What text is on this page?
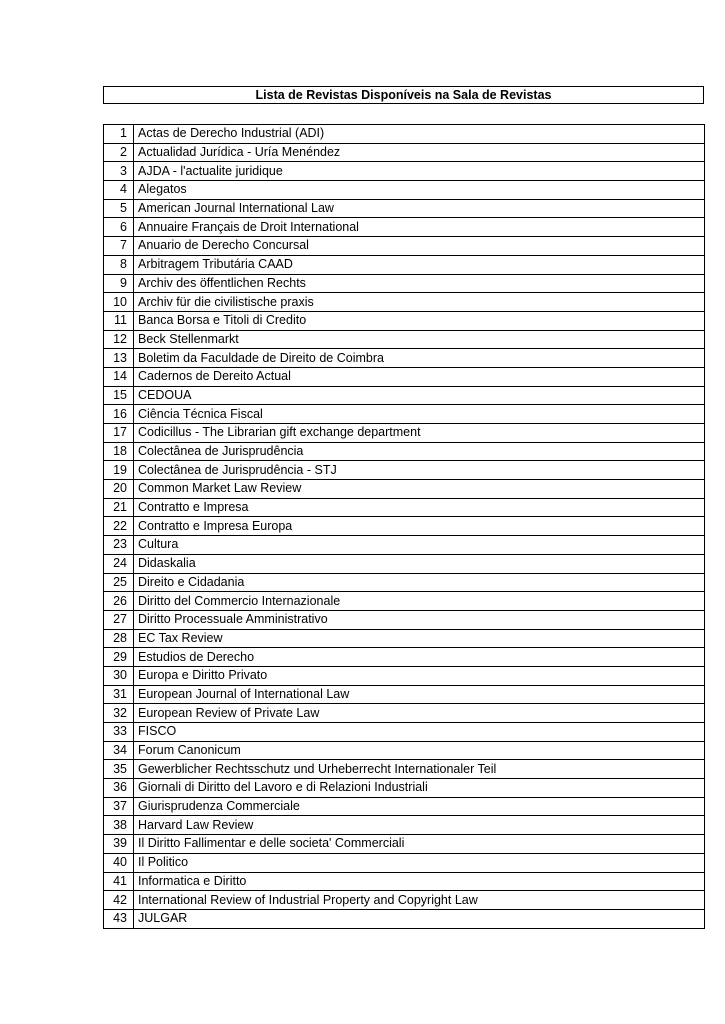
Lista de Revistas Disponíveis na Sala de Revistas
1	Actas de Derecho Industrial (ADI)
2	Actualidad Jurídica - Uría Menéndez
3	AJDA - l'actualite juridique
4	Alegatos
5	American Journal International Law
6	Annuaire Français de Droit International
7	Anuario de Derecho Concursal
8	Arbitragem Tributária CAAD
9	Archiv des öffentlichen Rechts
10	Archiv für die civilistische praxis
11	Banca Borsa e Titoli di Credito
12	Beck Stellenmarkt
13	Boletim da Faculdade de Direito de Coimbra
14	Cadernos de Dereito Actual
15	CEDOUA
16	Ciência Técnica Fiscal
17	Codicillus - The Librarian gift exchange department
18	Colectânea de Jurisprudência
19	Colectânea de Jurisprudência - STJ
20	Common Market Law Review
21	Contratto e Impresa
22	Contratto e Impresa Europa
23	Cultura
24	Didaskalia
25	Direito e Cidadania
26	Diritto del Commercio Internazionale
27	Diritto Processuale Amministrativo
28	EC Tax Review
29	Estudios de Derecho
30	Europa e Diritto Privato
31	European Journal of International Law
32	European Review of Private Law
33	FISCO
34	Forum Canonicum
35	Gewerblicher Rechtsschutz und Urheberrecht Internationaler Teil
36	Giornali di Diritto del Lavoro e di Relazioni Industriali
37	Giurisprudenza Commerciale
38	Harvard Law Review
39	Il Diritto Fallimentar e delle societa' Commerciali
40	Il Politico
41	Informatica e Diritto
42	International Review of Industrial Property and Copyright Law
43	JULGAR
